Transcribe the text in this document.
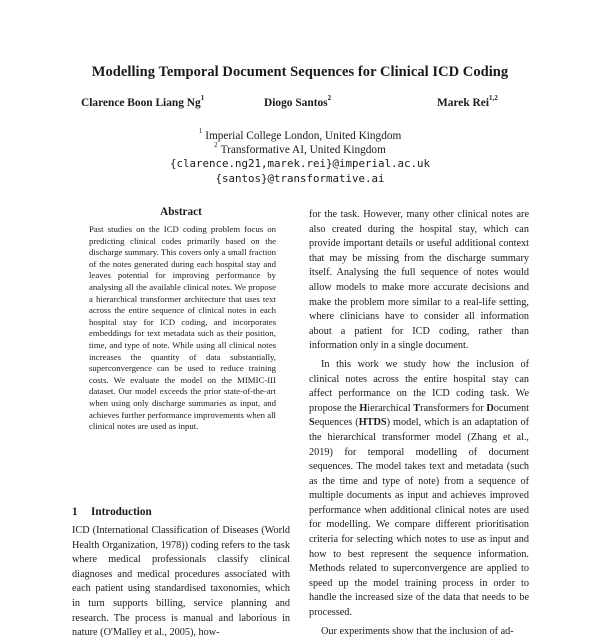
Modelling Temporal Document Sequences for Clinical ICD Coding
Clarence Boon Liang Ng$^1$	Diogo Santos$^2$	Marek Rei$^{1,2}$
$^1$ Imperial College London, United Kingdom
$^2$ Transformative AI, United Kingdom
{clarence.ng21,marek.rei}@imperial.ac.uk
{santos}@transformative.ai
Abstract
Past studies on the ICD coding problem focus on predicting clinical codes primarily based on the discharge summary. This covers only a small fraction of the notes generated during each hospital stay and leaves potential for improving performance by analysing all the available clinical notes. We propose a hierarchical transformer architecture that uses text across the entire sequence of clinical notes in each hospital stay for ICD coding, and incorporates embeddings for text metadata such as their position, time, and type of note. While using all clinical notes increases the quantity of data substantially, superconvergence can be used to reduce training costs. We evaluate the model on the MIMIC-III dataset. Our model exceeds the prior state-of-the-art when using only discharge summaries as input, and achieves further performance improvements when all clinical notes are used as input.
1 Introduction
ICD (International Classification of Diseases (World Health Organization, 1978)) coding refers to the task where medical professionals classify clinical diagnoses and medical procedures associated with each patient using standardised taxonomies, which in turn supports billing, service planning and research. The process is manual and laborious in nature (O'Malley et al., 2005), how-

for the task. However, many other clinical notes are also created during the hospital stay, which can provide important details or useful additional context that may be missing from the discharge summary itself. Analysing the full sequence of notes would allow models to make more accurate decisions and make the problem more similar to a real-life setting, where clinicians have to consider all information about a patient for ICD coding, rather than information only in a single document.

In this work we study how the inclusion of clinical notes across the entire hospital stay can affect performance on the ICD coding task. We propose the Hierarchical Transformers for Document Sequences (HTDS) model, which is an adaptation of the hierarchical transformer model (Zhang et al., 2019) for temporal modelling of document sequences. The model takes text and metadata (such as the time and type of note) from a sequence of multiple documents as input and achieves improved performance when additional clinical notes are used for modelling. We compare different prioritisation criteria for selecting which notes to use as input and how to best represent the sequence information. Methods related to superconvergence are applied to speed up the model training process in order to handle the increased size of the data that needs to be processed.

Our experiments show that the inclusion of ad-
